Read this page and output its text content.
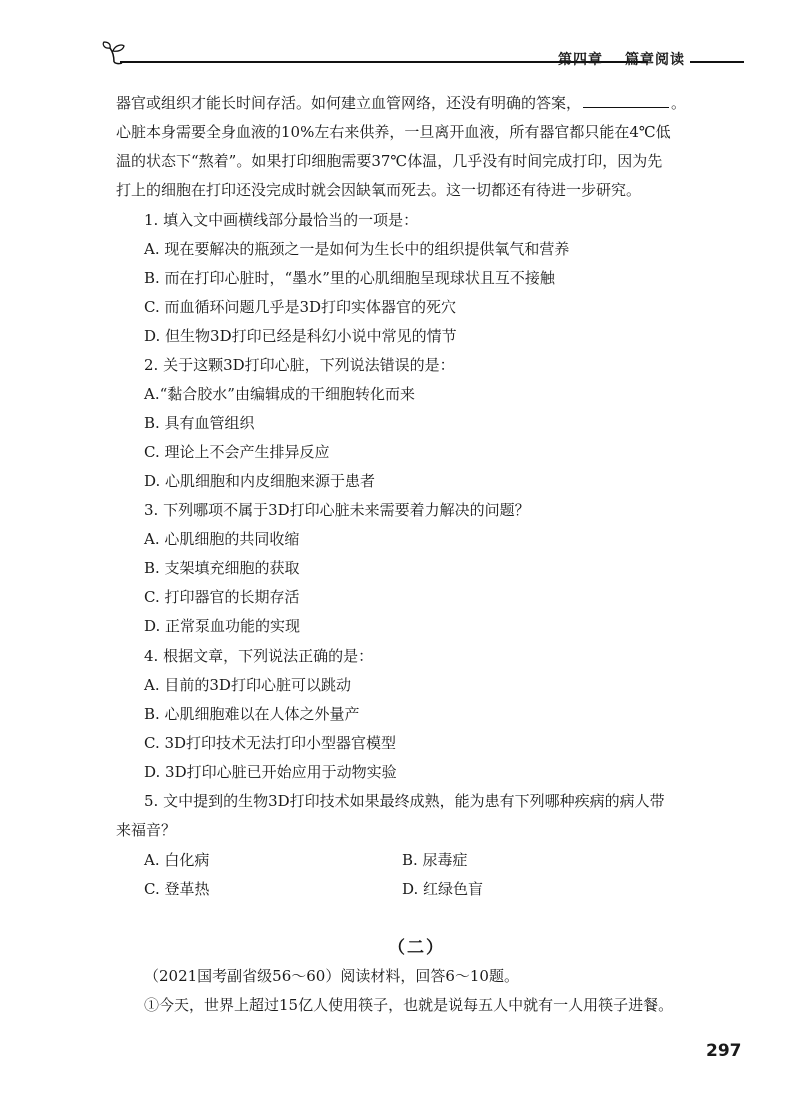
第四章 篇章阅读
器官或组织才能长时间存活。如何建立血管网络，还没有明确的答案，	。
心脏本身需要全身血液的10%左右来供养，一旦离开血液，所有器官都只能在4℃低
温的状态下“熬着”。如果打印细胞需要37℃体温，几乎没有时间完成打印，因为先
打上的细胞在打印还没完成时就会因缺氧而死去。这一切都还有待进一步研究。
1. 填入文中画横线部分最恰当的一项是：
A. 现在要解决的瓶颈之一是如何为生长中的组织提供氧气和营养
B. 而在打印心脏时，“墨水”里的心肌细胞呈现球状且互不接触
C. 而血循环问题几乎是3D打印实体器官的死穴
D. 但生物3D打印已经是科幻小说中常见的情节
2. 关于这颗3D打印心脏，下列说法错误的是：
A.“黏合胶水”由编辑成的干细胞转化而来
B. 具有血管组织
C. 理论上不会产生排异反应
D. 心肌细胞和内皮细胞来源于患者
3. 下列哪项不属于3D打印心脏未来需要着力解决的问题？
A. 心肌细胞的共同收缩
B. 支架填充细胞的获取
C. 打印器官的长期存活
D. 正常泵血功能的实现
4. 根据文章，下列说法正确的是：
A. 目前的3D打印心脏可以跳动
B. 心肌细胞难以在人体之外量产
C. 3D打印技术无法打印小型器官模型
D. 3D打印心脏已开始应用于动物实验
5. 文中提到的生物3D打印技术如果最终成熟，能为患有下列哪种疾病的病人带
来福音？
A. 白化病	B. 尿毒症
C. 登革热	D. 红绿色盲
（二）
（2021国考副省级56～60）阅读材料，回答6～10题。
①今天，世界上超过15亿人使用筷子，也就是说每五人中就有一人用筷子进餐。
297
